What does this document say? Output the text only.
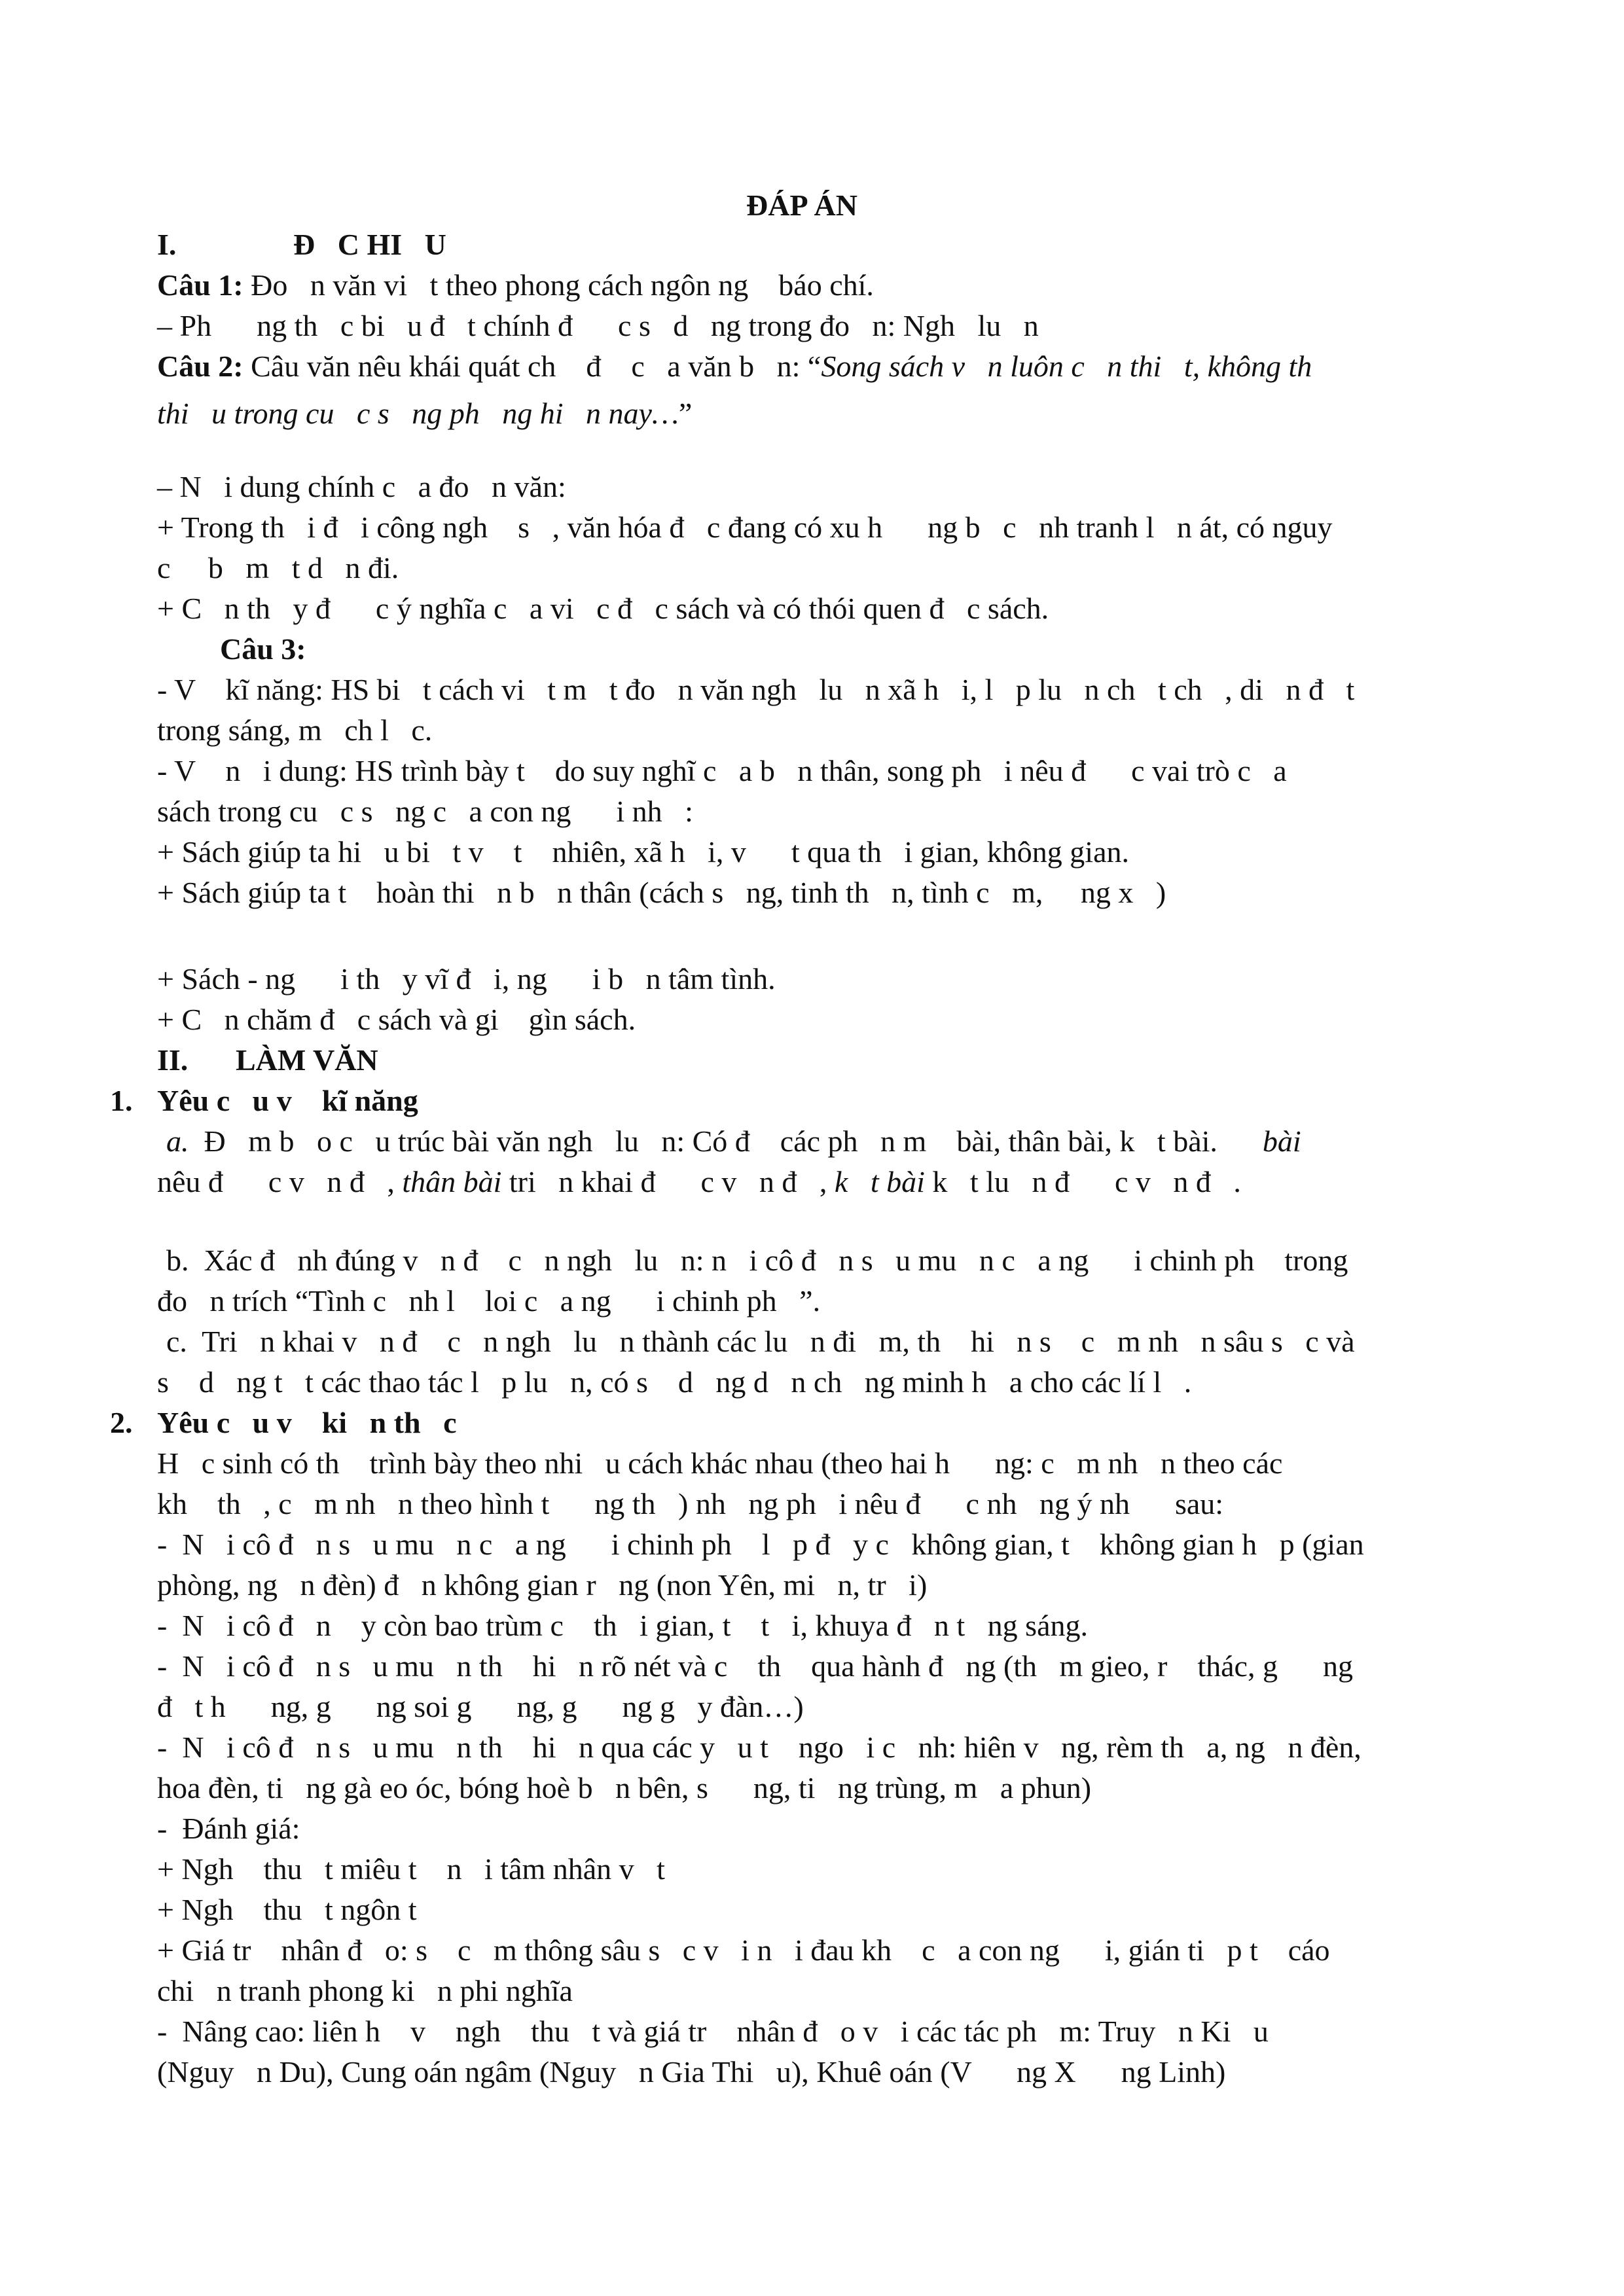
ĐÁP ÁN
I.	Đ   C HI   U
Câu 1: Đo   n văn vi   t theo phong cách ngôn ng    báo chí.
– Ph      ng th   c bi   u đ   t chính đ      c s   d   ng trong đo   n: Ngh   lu   n
Câu 2: Câu văn nêu khái quát ch    đ    c   a văn b   n: “Song sách v   n luôn c   n thi   t, không th
thi   u trong cu   c s   ng ph   ng hi   n nay…”
– N   i dung chính c   a đo   n văn:
+ Trong th   i đ   i công ngh    s   , văn hóa đ   c đang có xu h      ng b   c   nh tranh l   n át, có nguy
c     b   m   t d   n đi.
+ C   n th   y đ      c ý nghĩa c   a vi   c đ   c sách và có thói quen đ   c sách.
Câu 3:
- V    kĩ năng: HS bi   t cách vi   t m   t đo   n văn ngh   lu   n xã h   i, l   p lu   n ch   t ch   , di   n đ   t
trong sáng, m   ch l   c.
- V    n   i dung: HS trình bày t    do suy nghĩ c   a b   n thân, song ph   i nêu đ      c vai trò c   a
sách trong cu   c s   ng c   a con ng      i nh   :
+ Sách giúp ta hi   u bi   t v    t    nhiên, xã h   i, v      t qua th   i gian, không gian.
+ Sách giúp ta t    hoàn thi   n b   n thân (cách s   ng, tinh th   n, tình c   m,     ng x   )
+ Sách - ng      i th   y vĩ đ   i, ng      i b   n tâm tình.
+ C   n chăm đ   c sách và gi    gìn sách.
II. LÀM VĂN
1. Yêu c   u v    kĩ năng
a.  Đ   m b   o c   u trúc bài văn ngh   lu   n: Có đ    các ph   n m    bài, thân bài, k   t bài.      bài
nêu đ      c v   n đ   , thân bài tri   n khai đ      c v   n đ   , k   t bài k   t lu   n đ      c v   n đ   .
b.  Xác đ   nh đúng v   n đ    c   n ngh   lu   n: n   i cô đ   n s   u mu   n c   a ng      i chinh ph    trong
đo   n trích “Tình c   nh l    loi c   a ng      i chinh ph   ”.
c.  Tri   n khai v   n đ    c   n ngh   lu   n thành các lu   n đi   m, th    hi   n s    c   m nh   n sâu s   c và
s    d   ng t   t các thao tác l   p lu   n, có s    d   ng d   n ch   ng minh h   a cho các lí l   .
2. Yêu c   u v    ki   n th   c
H   c sinh có th    trình bày theo nhi   u cách khác nhau (theo hai h      ng: c   m nh   n theo các
kh    th   , c   m nh   n theo hình t      ng th   ) nh   ng ph   i nêu đ      c nh   ng ý nh      sau:
-  N   i cô đ   n s   u mu   n c   a ng      i chinh ph    l   p đ   y c   không gian, t    không gian h   p (gian
phòng, ng   n đèn) đ   n không gian r   ng (non Yên, mi   n, tr   i)
-  N   i cô đ   n    y còn bao trùm c    th   i gian, t    t   i, khuya đ   n t   ng sáng.
-  N   i cô đ   n s   u mu   n th    hi   n rõ nét và c    th    qua hành đ   ng (th   m gieo, r    thác, g      ng
đ   t h      ng, g      ng soi g      ng, g      ng g   y đàn…)
-  N   i cô đ   n s   u mu   n th    hi   n qua các y   u t    ngo   i c   nh: hiên v   ng, rèm th   a, ng   n đèn,
hoa đèn, ti   ng gà eo óc, bóng hoè b   n bên, s      ng, ti   ng trùng, m   a phun)
-  Đánh giá:
+ Ngh    thu   t miêu t    n   i tâm nhân v   t
+ Ngh    thu   t ngôn t
+ Giá tr    nhân đ   o: s    c   m thông sâu s   c v   i n   i đau kh    c   a con ng      i, gián ti   p t    cáo
chi   n tranh phong ki   n phi nghĩa
-  Nâng cao: liên h    v    ngh    thu   t và giá tr    nhân đ   o v   i các tác ph   m: Truy   n Ki   u
(Nguy   n Du), Cung oán ngâm (Nguy   n Gia Thi   u), Khuê oán (V      ng X      ng Linh)
